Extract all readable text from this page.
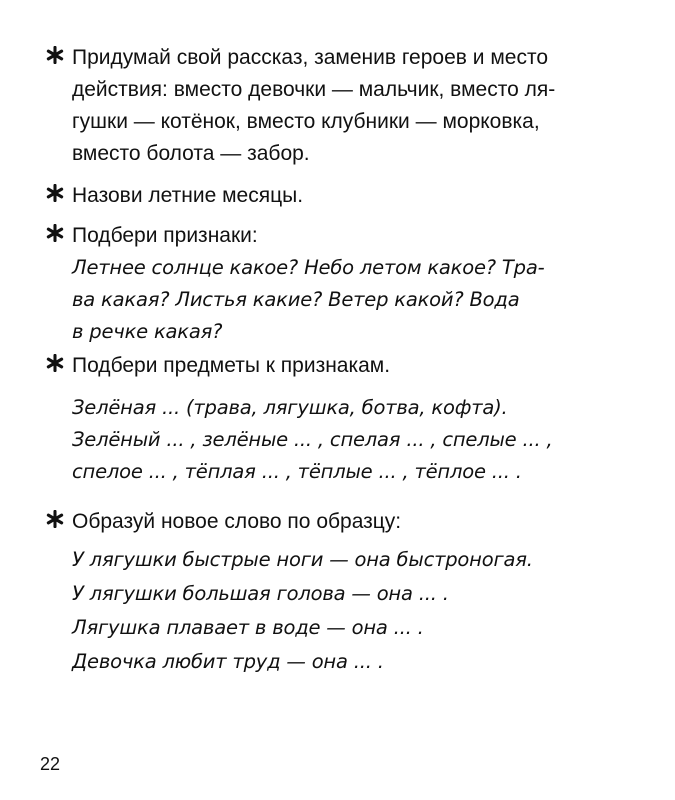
Придумай свой рассказ, заменив героев и место
действия: вместо девочки — мальчик, вместо ля-
гушки — котёнок, вместо клубники — морковка,
вместо болота — забор.
Назови летние месяцы.
Подбери признаки:
Летнее солнце какое? Небо летом какое? Тра-
ва какая? Листья какие? Ветер какой? Вода
в речке какая?
Подбери предметы к признакам.
Зелёная ... (трава, лягушка, ботва, кофта).
Зелёный ... , зелёные ... , спелая ... , спелые ... ,
спелое ... , тёплая ... , тёплые ... , тёплое ... .
Образуй новое слово по образцу:
У лягушки быстрые ноги — она быстроногая.
У лягушки большая голова — она ... .
Лягушка плавает в воде — она ... .
Девочка любит труд — она ... .
22
